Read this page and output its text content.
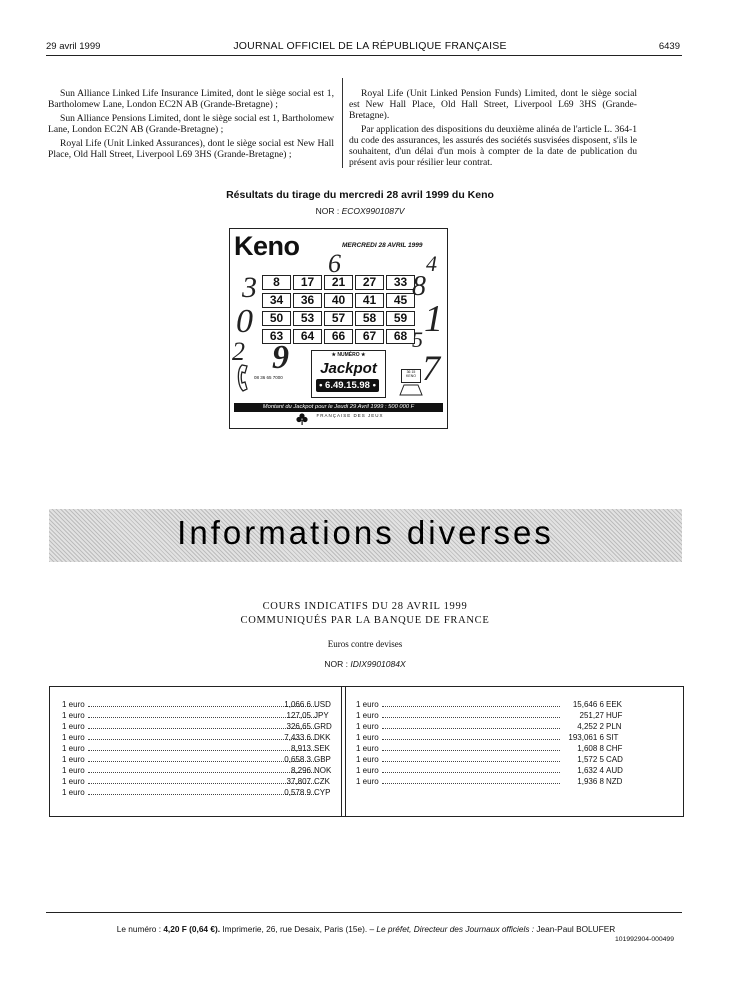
29 avril 1999	JOURNAL OFFICIEL DE LA RÉPUBLIQUE FRANÇAISE	6439

Sun Alliance Linked Life Insurance Limited, dont le siège social est 1, Bartholomew Lane, London EC2N AB (Grande-Bretagne) ;

Sun Alliance Pensions Limited, dont le siège social est 1, Bartholomew Lane, London EC2N AB (Grande-Bretagne) ;

Royal Life (Unit Linked Assurances), dont le siège social est New Hall Place, Old Hall Street, Liverpool L69 3HS (Grande-Bretagne) ;

Royal Life (Unit Linked Pension Funds) Limited, dont le siège social est New Hall Place, Old Hall Street, Liverpool L69 3HS (Grande-Bretagne).

Par application des dispositions du deuxième alinéa de l'article L. 364-1 du code des assurances, les assurés des sociétés susvisées disposent, s'ils le souhaitent, d'un délai d'un mois à compter de la date de publication du présent avis pour résilier leur contrat.

Résultats du tirage du mercredi 28 avril 1999 du Keno
NOR : ECOX9901087V
Keno	MERCREDI 28 AVRIL 1999
8	17	21	27	33
34	36	40	41	45
50	53	57	58	59
63	64	66	67	68
6	4
3	8
0	1
2 9	5
7
08 36 65 7000
★ NUMÉRO ★
Jackpot
• 6.49.15.98 •
36 15 KENO
Montant du Jackpot pour le Jeudi 29 Avril 1999 : 500 000 F
FRANÇAISE DES JEUX
Informations diverses
COURS INDICATIFS DU 28 AVRIL 1999
COMMUNIQUÉS PAR LA BANQUE DE FRANCE
Euros contre devises
NOR : IDIX9901084X
1 euro	1,066 6 USD
1 euro	127,05 JPY
1 euro	326,65 GRD
1 euro	7,433 6 DKK
1 euro	8,913 SEK
1 euro	0,658 3 GBP
1 euro	8,296 NOK
1 euro	37,807 CZK
1 euro	0,578 9 CYP
1 euro	15,646 6 EEK
1 euro	251,27 HUF
1 euro	4,252 2 PLN
1 euro	193,061 6 SIT
1 euro	1,608 8 CHF
1 euro	1,572 5 CAD
1 euro	1,632 4 AUD
1 euro	1,936 8 NZD
Le numéro : 4,20 F (0,64 €). Imprimerie, 26, rue Desaix, Paris (15e). – Le préfet, Directeur des Journaux officiels : Jean-Paul BOLUFER
101992904-000499
